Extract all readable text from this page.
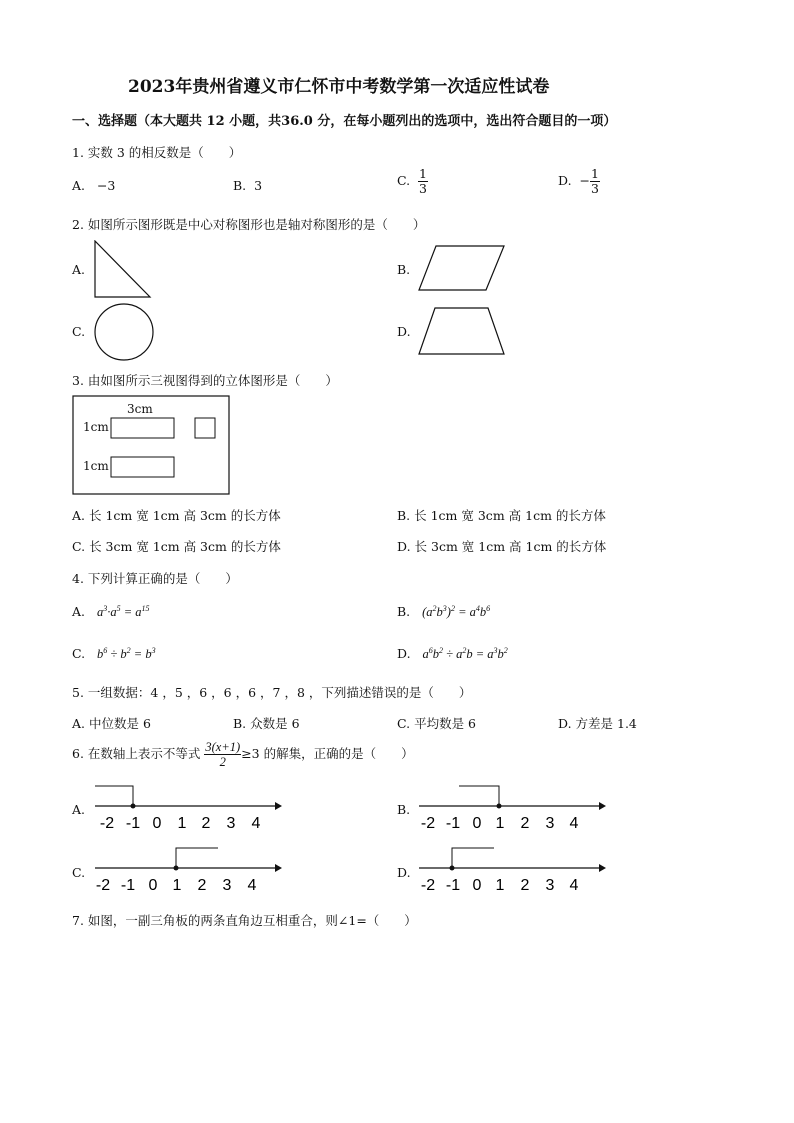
2023年贵州省遵义市仁怀市中考数学第一次适应性试卷
一、选择题（本大题共 12 小题，共36.0 分，在每小题列出的选项中，选出符合题目的一项）
1. 实数 3 的相反数是（　　）
A. −3	B. 3	C. $\frac{1}{3}$	D. − $\frac{1}{3}$
2. 如图所示图形既是中心对称图形也是轴对称图形的是（　　）
A.	B.
C.	D.
3. 由如图所示三视图得到的立体图形是（　　）
3cm
1cm
1cm
A. 长 1cm 宽 1cm 高 3cm 的长方体	B. 长 1cm 宽 3cm 高 1cm 的长方体
C. 长 3cm 宽 1cm 高 3cm 的长方体	D. 长 3cm 宽 1cm 高 1cm 的长方体
4. 下列计算正确的是（　　）
A. $a^3\cdot a^5 = a^{15}$	B. $(a^2b^3)^2 = a^4b^6$
C. $b^6 \div b^2 = b^3$	D. $a^6b^2 \div a^2b = a^3b^2$
5. 一组数据：4 ，5 ，6 ，6 ，6 ，7 ，8 ，下列描述错误的是（　　）
A. 中位数是 6	B. 众数是 6	C. 平均数是 6	D. 方差是 1.4
6. 在数轴上表示不等式 $\frac{3(x+1)}{2} \ge 3$ 的解集，正确的是（　　）
A.
-2 -1 0 1 2 3 4
B.
-2 -1 0 1 2 3 4
C.
-2 -1 0 1 2 3 4
D.
-2 -1 0 1 2 3 4
7. 如图，一副三角板的两条直角边互相重合，则∠1=（　　）
